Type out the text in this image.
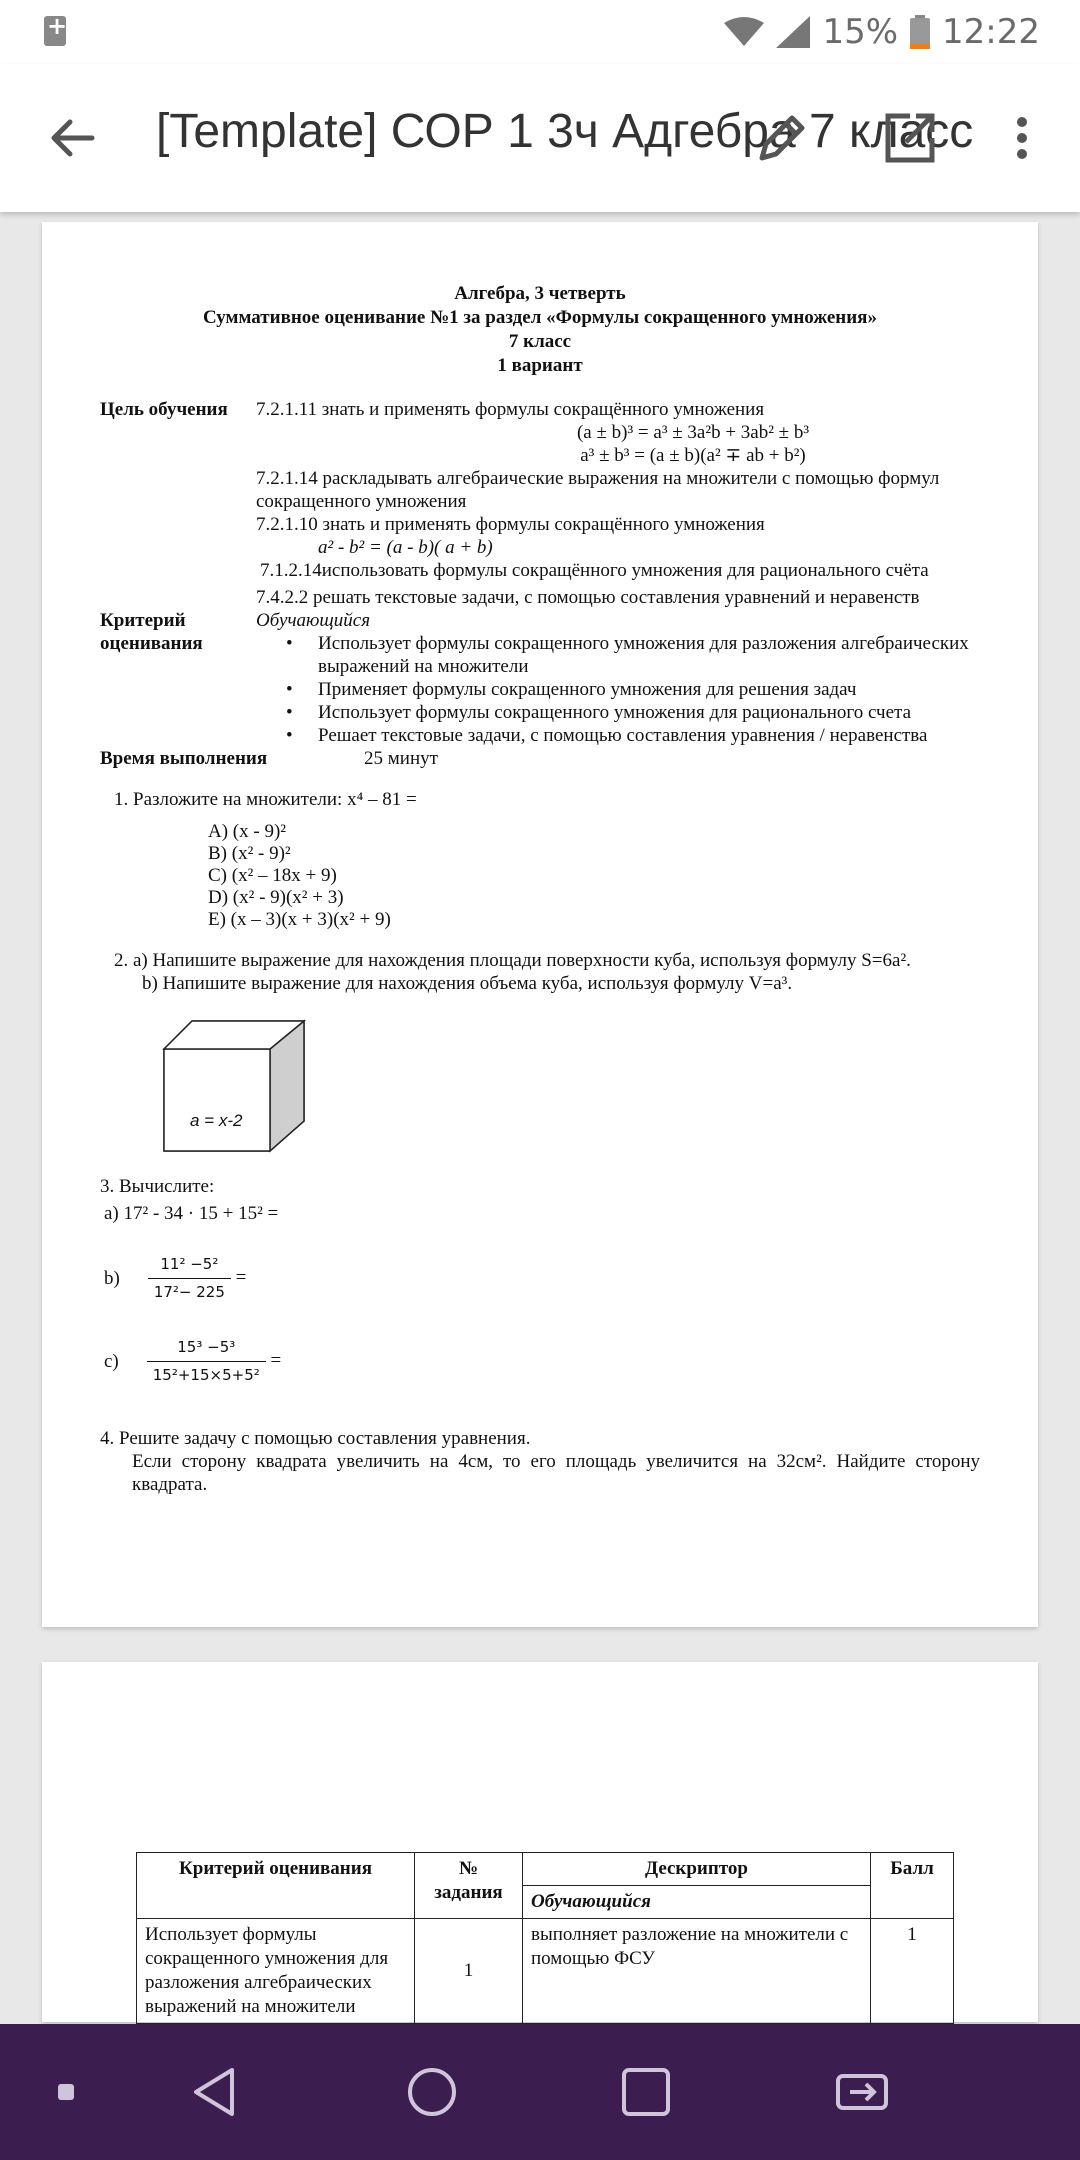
+
15% 12:22
[Template] СОР 1 3ч Адгебра 7 класс
Алгебра, 3 четверть
Суммативное оценивание №1 за раздел «Формулы сокращенного умножения»
7 класс
1 вариант
Цель обучения	7.2.1.11 знать и применять формулы сокращённого умножения
(a ± b)³ = a³ ± 3a²b + 3ab² ± b³
a³ ± b³ = (a ± b)(a² ∓ ab + b²)
7.2.1.14 раскладывать алгебраические выражения на множители с помощью формул сокращенного умножения
7.2.1.10 знать и применять формулы сокращённого умножения
a² - b² = (a - b)( a + b)
7.1.2.14использовать формулы сокращённого умножения для рационального счёта
7.4.2.2 решать текстовые задачи, с помощью составления уравнений и неравенств
Критерий оценивания
Обучающийся
• Использует формулы сокращенного умножения для разложения алгебраических выражений на множители
• Применяет формулы сокращенного умножения для решения задач
• Использует формулы сокращенного умножения для рационального счета
• Решает текстовые задачи, с помощью составления уравнения / неравенства
Время выполнения	25 минут
1. Разложите на множители: x⁴ – 81 =
A) (x - 9)²
B) (x² - 9)²
C) (x² – 18x + 9)
D) (x² - 9)(x² + 3)
E) (x – 3)(x + 3)(x² + 9)
2. a) Напишите выражение для нахождения площади поверхности куба, используя формулу S=6a².
b) Напишите выражение для нахождения объема куба, используя формулу V=a³.
a = x-2
3. Вычислите:
a) 17² - 34 · 15 + 15² =
$b) \frac{\text{11² −5²}}{\text{17²− 225}}$ =
$c) \frac{\text{15³ −5³}}{\text{15²+15×5+5²}}$ =
4. Решите задачу с помощью составления уравнения.
Если сторону квадрата увеличить на 4см, то его площадь увеличится на 32см². Найдите сторону квадрата.
Критерий оценивания	№ задания	Дескриптор	Балл
		Обучающийся	
Использует формулы сокращенного умножения для разложения алгебраических выражений на множители	1	выполняет разложение на множители с помощью ФСУ	1
